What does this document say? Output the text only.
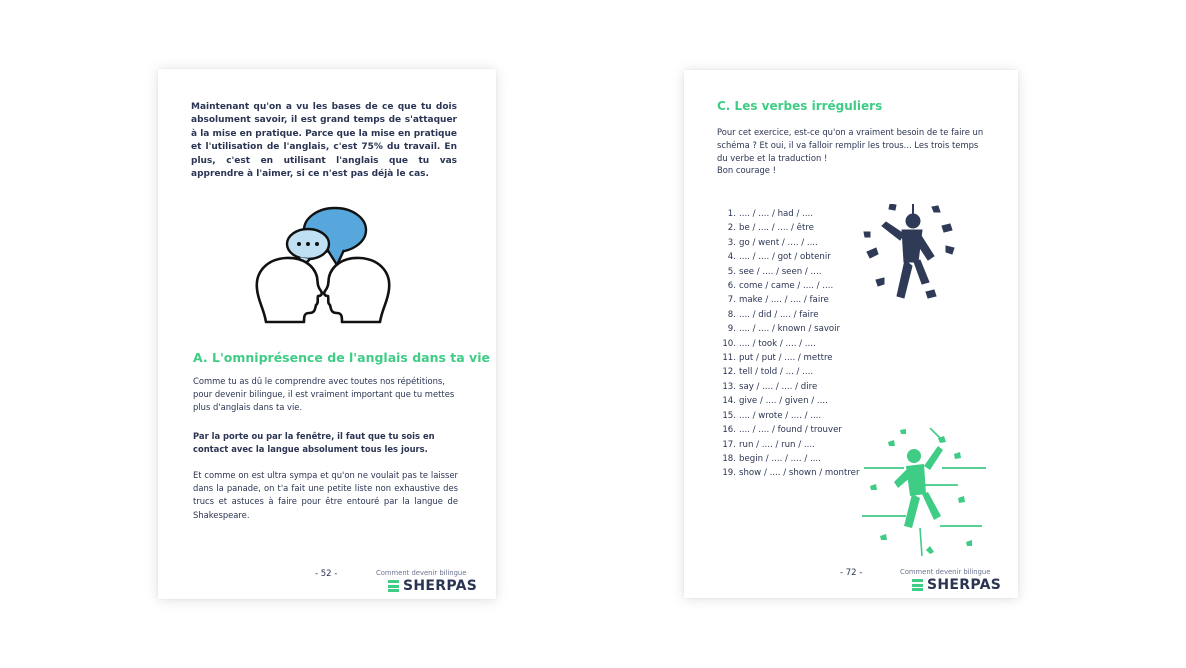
Maintenant qu'on a vu les bases de ce que tu dois absolument savoir, il est grand temps de s'attaquer à la mise en pratique. Parce que la mise en pratique et l'utilisation de l'anglais, c'est 75% du travail. En plus, c'est en utilisant l'anglais que tu vas apprendre à l'aimer, si ce n'est pas déjà le cas.

A. L'omniprésence de l'anglais dans ta vie

Comme tu as dû le comprendre avec toutes nos répétitions, pour devenir bilingue, il est vraiment important que tu mettes plus d'anglais dans ta vie.

Par la porte ou par la fenêtre, il faut que tu sois en contact avec la langue absolument tous les jours.

Et comme on est ultra sympa et qu'on ne voulait pas te laisser dans la panade, on t'a fait une petite liste non exhaustive des trucs et astuces à faire pour être entouré par la langue de Shakespeare.

- 52 -	Comment devenir bilingue
SHERPAS
C. Les verbes irréguliers

Pour cet exercice, est-ce qu'on a vraiment besoin de te faire un schéma ? Et oui, il va falloir remplir les trous... Les trois temps du verbe et la traduction !

Bon courage !

1. .... / .... / had / ....
2. be / .... / .... / être
3. go / went / .... / ....
4. .... / .... / got / obtenir
5. see / .... / seen / ....
6. come / came / .... / ....
7. make / .... / .... / faire
8. .... / did / .... / faire
9. .... / .... / known / savoir
10. .... / took / .... / ....
11. put / put / .... / mettre
12. tell / told / ... / ....
13. say / .... / .... / dire
14. give / .... / given / ....
15. .... / wrote / .... / ....
16. .... / .... / found / trouver
17. run / .... / run / ....
18. begin / .... / .... / ....
19. show / .... / shown / montrer
- 72 -	Comment devenir bilingue
SHERPAS
